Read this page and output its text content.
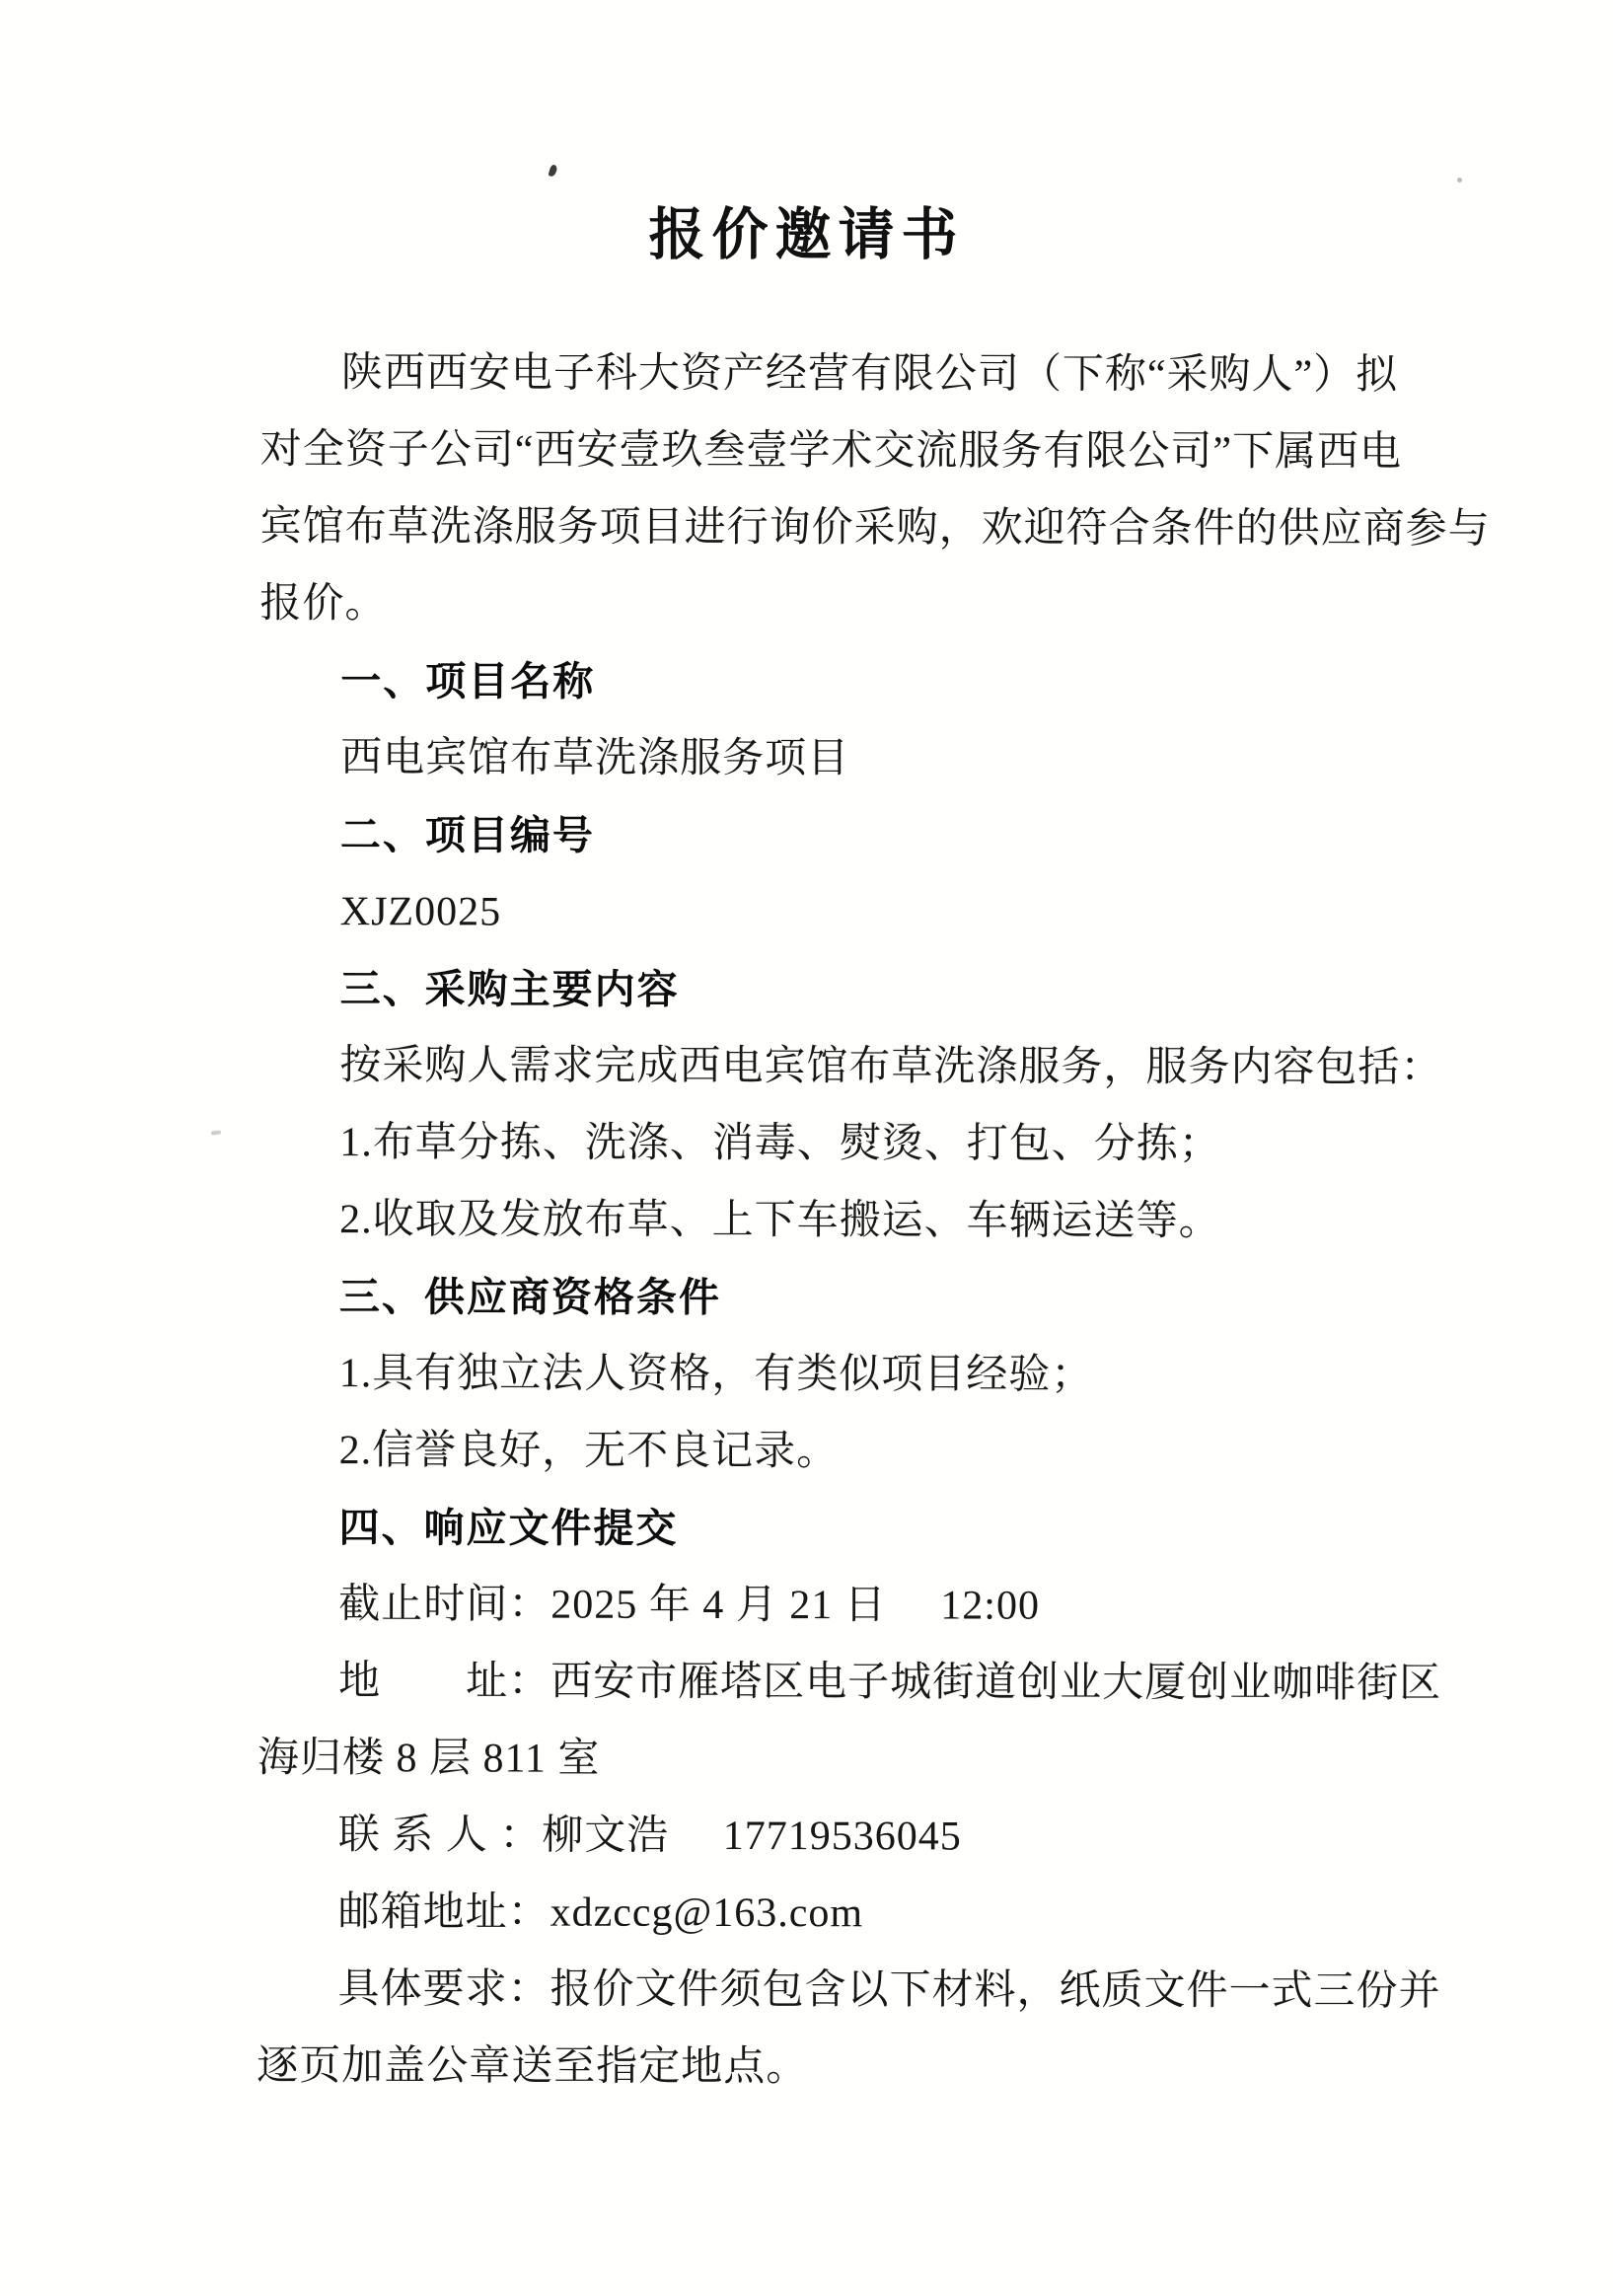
报价邀请书
陕西西安电子科大资产经营有限公司（下称“采购人”）拟
对全资子公司“西安壹玖叁壹学术交流服务有限公司”下属西电
宾馆布草洗涤服务项目进行询价采购，欢迎符合条件的供应商参与
报价。
一、项目名称
西电宾馆布草洗涤服务项目
二、项目编号
XJZ0025
三、采购主要内容
按采购人需求完成西电宾馆布草洗涤服务，服务内容包括：
1.布草分拣、洗涤、消毒、熨烫、打包、分拣；
2.收取及发放布草、上下车搬运、车辆运送等。
三、供应商资格条件
1.具有独立法人资格，有类似项目经验；
2.信誉良好，无不良记录。
四、响应文件提交
截止时间：2025 年 4 月 21 日　 12:00
地　　址：西安市雁塔区电子城街道创业大厦创业咖啡街区
海归楼 8 层 811 室
联 系 人 ：柳文浩　 17719536045
邮箱地址：xdzccg@163.com
具体要求：报价文件须包含以下材料，纸质文件一式三份并
逐页加盖公章送至指定地点。
